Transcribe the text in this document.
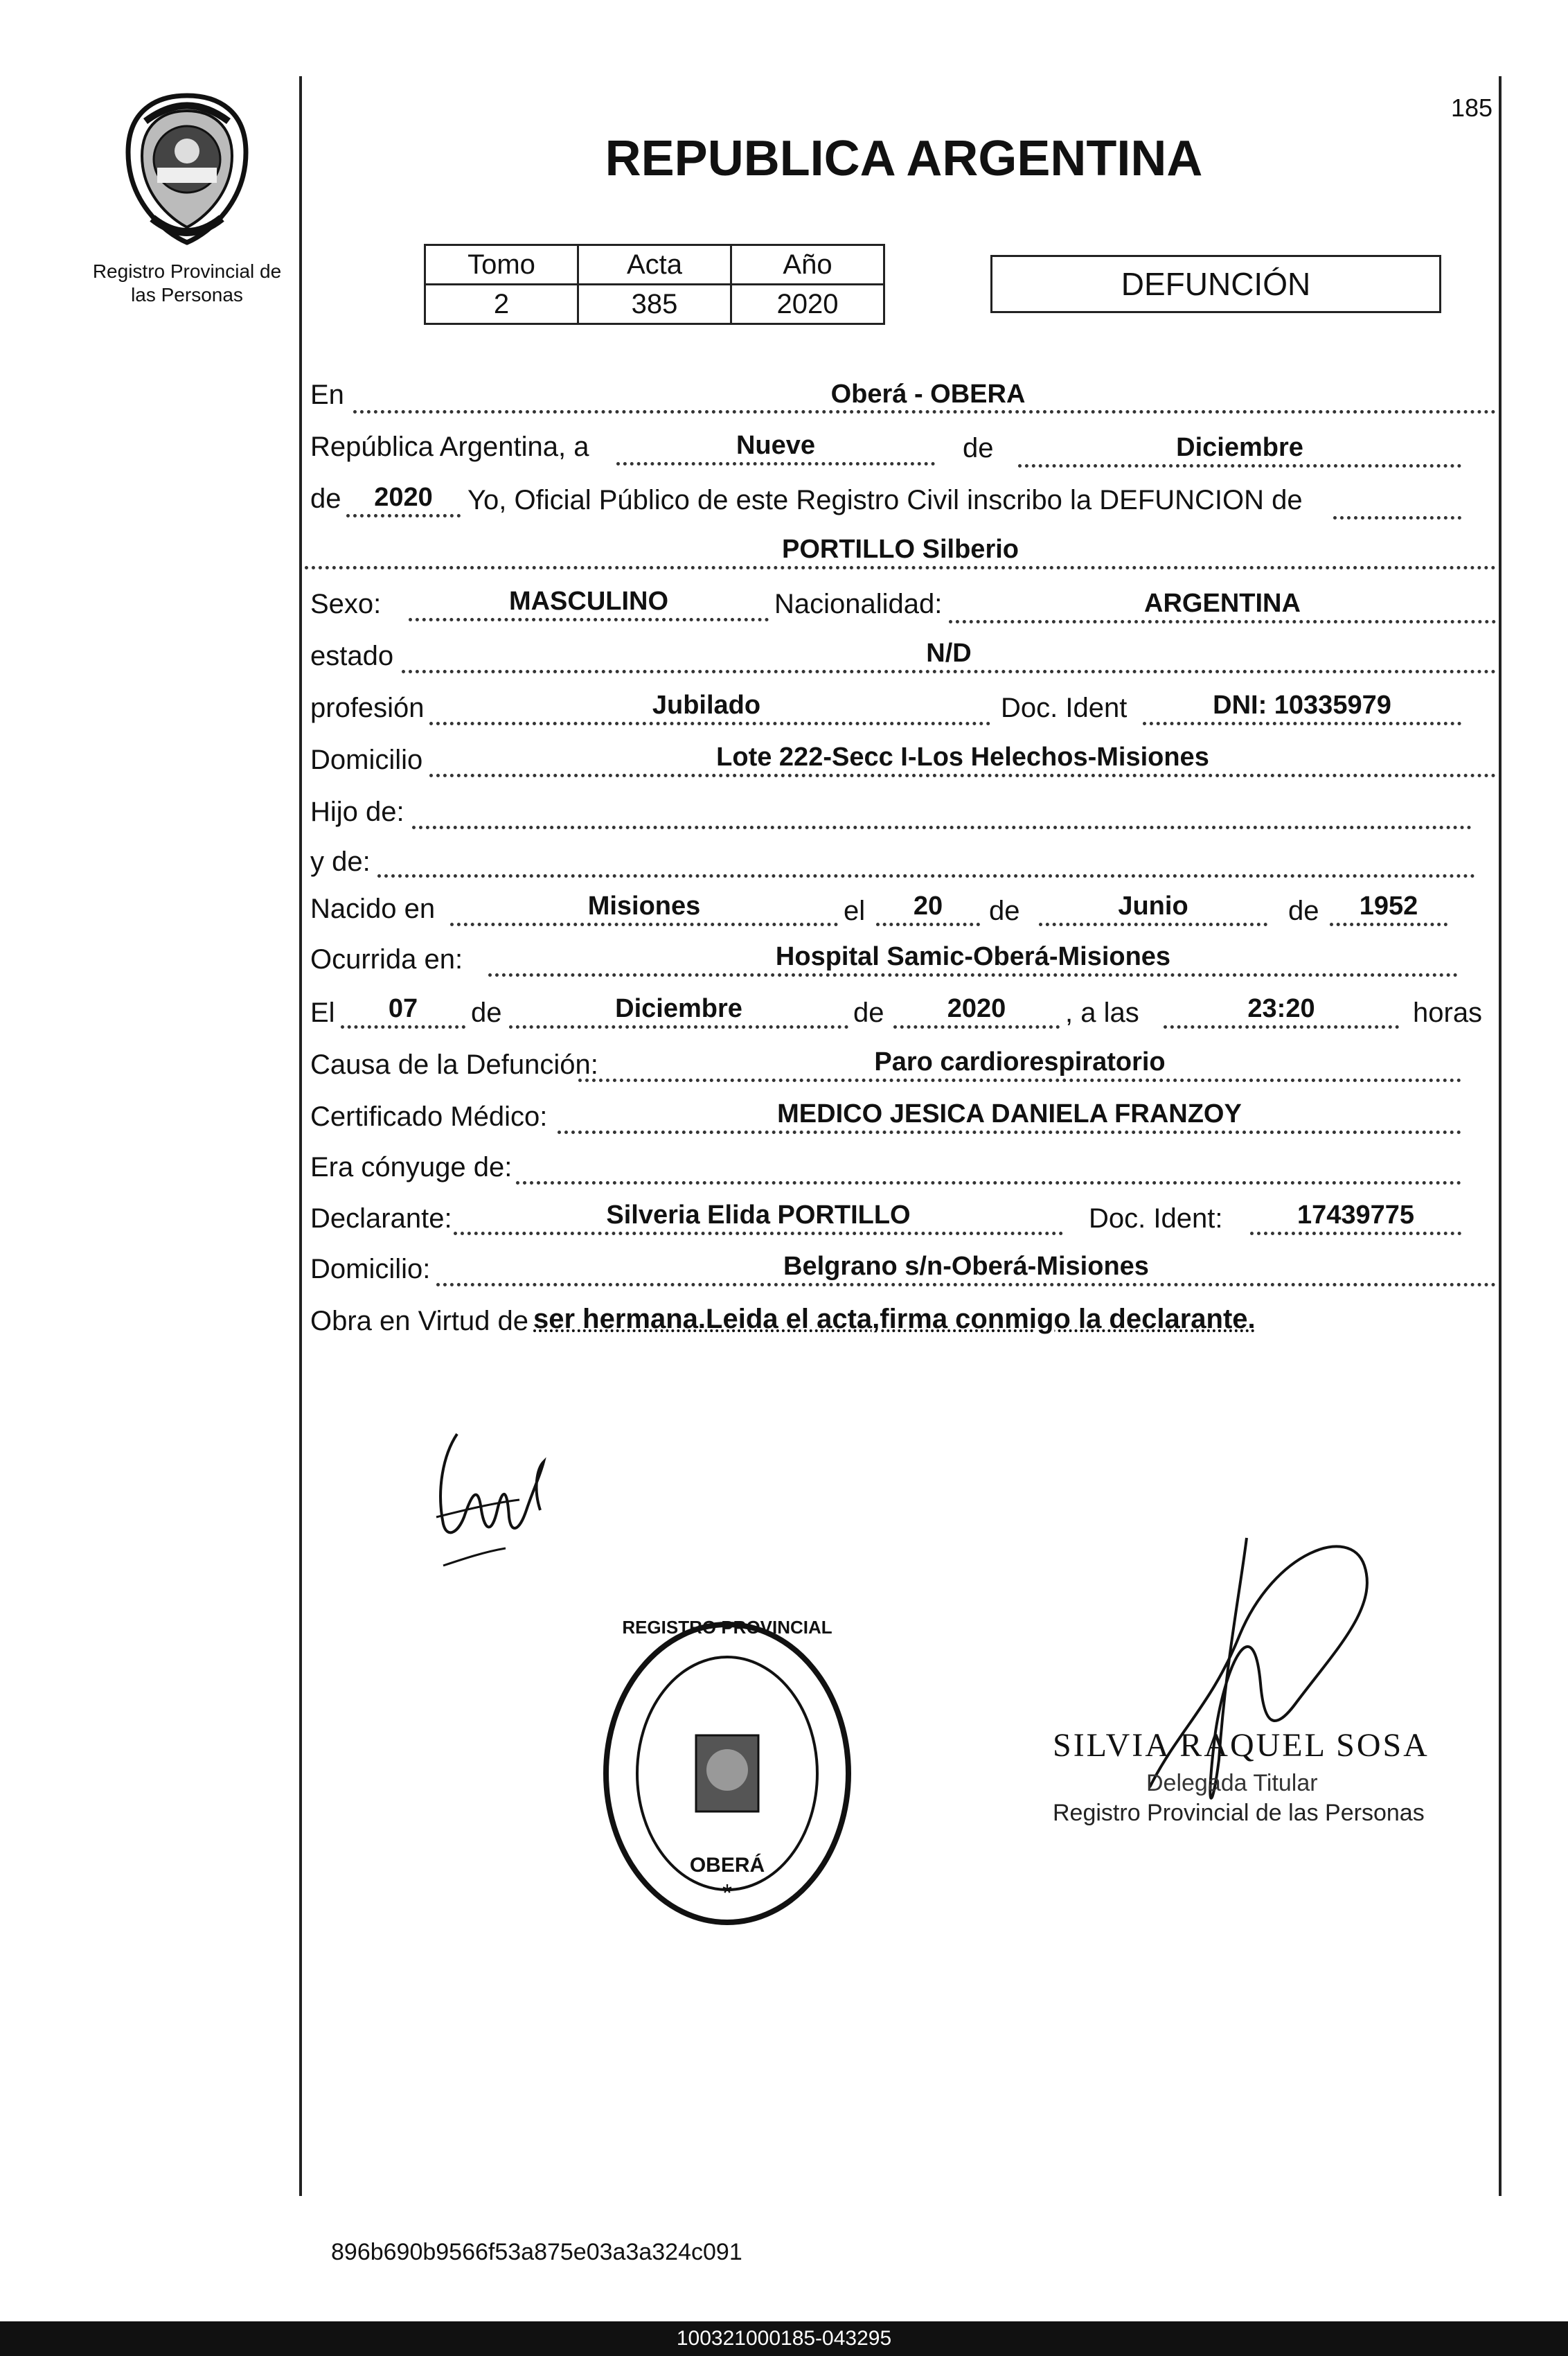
185
Registro Provincial de las Personas
REPUBLICA ARGENTINA
Tomo	Acta	Año
2	385	2020
DEFUNCIÓN
En	Oberá - OBERA
República Argentina, a	Nueve	de	Diciembre
de	2020	Yo, Oficial Público de este Registro Civil inscribo la DEFUNCION de
PORTILLO Silberio
Sexo:	MASCULINO	Nacionalidad:	ARGENTINA
estado	N/D
profesión	Jubilado	Doc. Ident	DNI: 10335979
Domicilio	Lote 222-Secc I-Los Helechos-Misiones
Hijo de:
y de:
Nacido en	Misiones	el	20	de	Junio	de	1952
Ocurrida en:	Hospital Samic-Oberá-Misiones
El	07	de	Diciembre	de	2020	, a las	23:20	horas
Causa de la Defunción:	Paro cardiorespiratorio
Certificado Médico:	MEDICO JESICA DANIELA FRANZOY
Era cónyuge de:
Declarante:	Silveria Elida PORTILLO	Doc. Ident:	17439775
Domicilio:	Belgrano s/n-Oberá-Misiones
Obra en Virtud de ser hermana.Leida el acta,firma conmigo la declarante.
REGISTRO PROVINCIAL
OBERÁ
*
SILVIA RAQUEL SOSA
Delegada Titular
Registro Provincial de las Personas
896b690b9566f53a875e03a3a324c091
100321000185-043295
